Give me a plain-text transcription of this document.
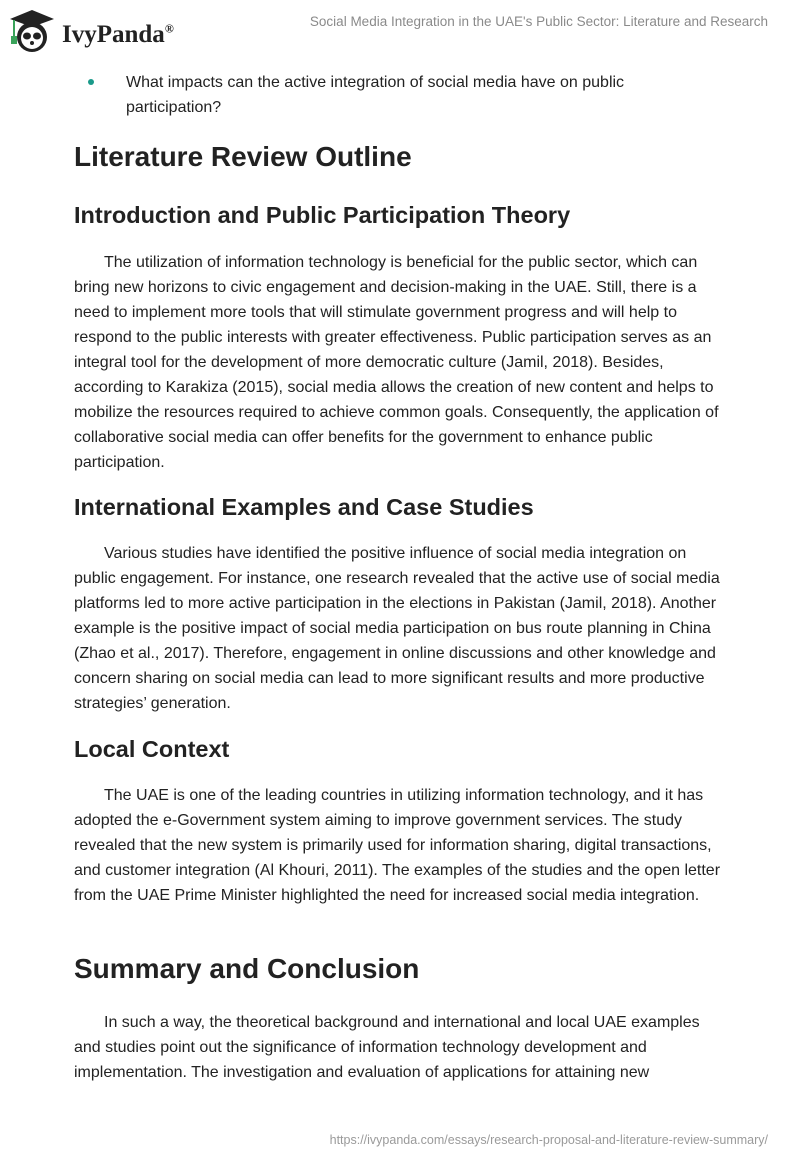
IvyPanda®	Social Media Integration in the UAE's Public Sector: Literature and Research
What impacts can the active integration of social media have on public participation?
Literature Review Outline
Introduction and Public Participation Theory

The utilization of information technology is beneficial for the public sector, which can bring new horizons to civic engagement and decision-making in the UAE. Still, there is a need to implement more tools that will stimulate government progress and will help to respond to the public interests with greater effectiveness. Public participation serves as an integral tool for the development of more democratic culture (Jamil, 2018). Besides, according to Karakiza (2015), social media allows the creation of new content and helps to mobilize the resources required to achieve common goals. Consequently, the application of collaborative social media can offer benefits for the government to enhance public participation.

International Examples and Case Studies

Various studies have identified the positive influence of social media integration on public engagement. For instance, one research revealed that the active use of social media platforms led to more active participation in the elections in Pakistan (Jamil, 2018). Another example is the positive impact of social media participation on bus route planning in China (Zhao et al., 2017). Therefore, engagement in online discussions and other knowledge and concern sharing on social media can lead to more significant results and more productive strategies’ generation.

Local Context

The UAE is one of the leading countries in utilizing information technology, and it has adopted the e-Government system aiming to improve government services. The study revealed that the new system is primarily used for information sharing, digital transactions, and customer integration (Al Khouri, 2011). The examples of the studies and the open letter from the UAE Prime Minister highlighted the need for increased social media integration.

Summary and Conclusion

In such a way, the theoretical background and international and local UAE examples and studies point out the significance of information technology development and implementation. The investigation and evaluation of applications for attaining new

https://ivypanda.com/essays/research-proposal-and-literature-review-summary/
